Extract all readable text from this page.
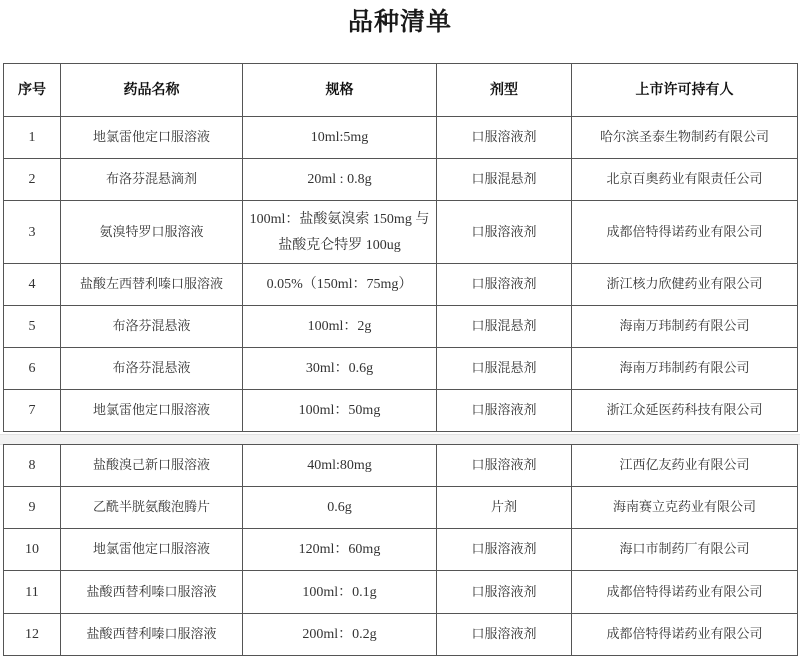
品种清单
序号	药品名称	规格	剂型	上市许可持有人
1	地氯雷他定口服溶液	10ml:5mg	口服溶液剂	哈尔滨圣泰生物制药有限公司
2	布洛芬混悬滴剂	20ml : 0.8g	口服混悬剂	北京百奥药业有限责任公司
3	氨溴特罗口服溶液	100ml：盐酸氨溴索 150mg 与
盐酸克仑特罗 100ug	口服溶液剂	成都倍特得诺药业有限公司
4	盐酸左西替利嗪口服溶液	0.05%（150ml：75mg）	口服溶液剂	浙江核力欣健药业有限公司
5	布洛芬混悬液	100ml：2g	口服混悬剂	海南万玮制药有限公司
6	布洛芬混悬液	30ml：0.6g	口服混悬剂	海南万玮制药有限公司
7	地氯雷他定口服溶液	100ml：50mg	口服溶液剂	浙江众延医药科技有限公司
8	盐酸溴己新口服溶液	40ml:80mg	口服溶液剂	江西亿友药业有限公司
9	乙酰半胱氨酸泡腾片	0.6g	片剂	海南赛立克药业有限公司
10	地氯雷他定口服溶液	120ml：60mg	口服溶液剂	海口市制药厂有限公司
11	盐酸西替利嗪口服溶液	100ml：0.1g	口服溶液剂	成都倍特得诺药业有限公司
12	盐酸西替利嗪口服溶液	200ml：0.2g	口服溶液剂	成都倍特得诺药业有限公司
